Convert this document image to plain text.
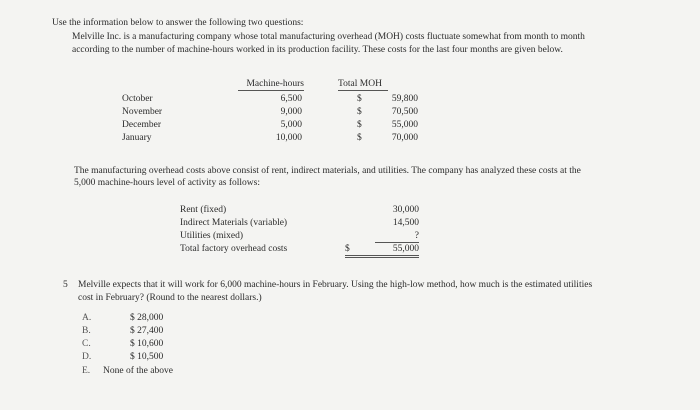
Use the information below to answer the following two questions:
Melville Inc. is a manufacturing company whose total manufacturing overhead (MOH) costs fluctuate somewhat from month to month
according to the number of machine-hours worked in its production facility. These costs for the last four months are given below.
Machine-hours	Total MOH
October	6,500	$	59,800
November	9,000	$	70,500
December	5,000	$	55,000
January	10,000	$	70,000
The manufacturing overhead costs above consist of rent, indirect materials, and utilities. The company has analyzed these costs at the
5,000 machine-hours level of activity as follows:
Rent (fixed)	30,000
Indirect Materials (variable)	14,500
Utilities (mixed)	?
Total factory overhead costs	$	55,000
5 Melville expects that it will work for 6,000 machine-hours in February. Using the high-low method, how much is the estimated utilities
cost in February? (Round to the nearest dollars.)
A.	$ 28,000
B.	$ 27,400
C.	$ 10,600
D.	$ 10,500
E. None of the above
